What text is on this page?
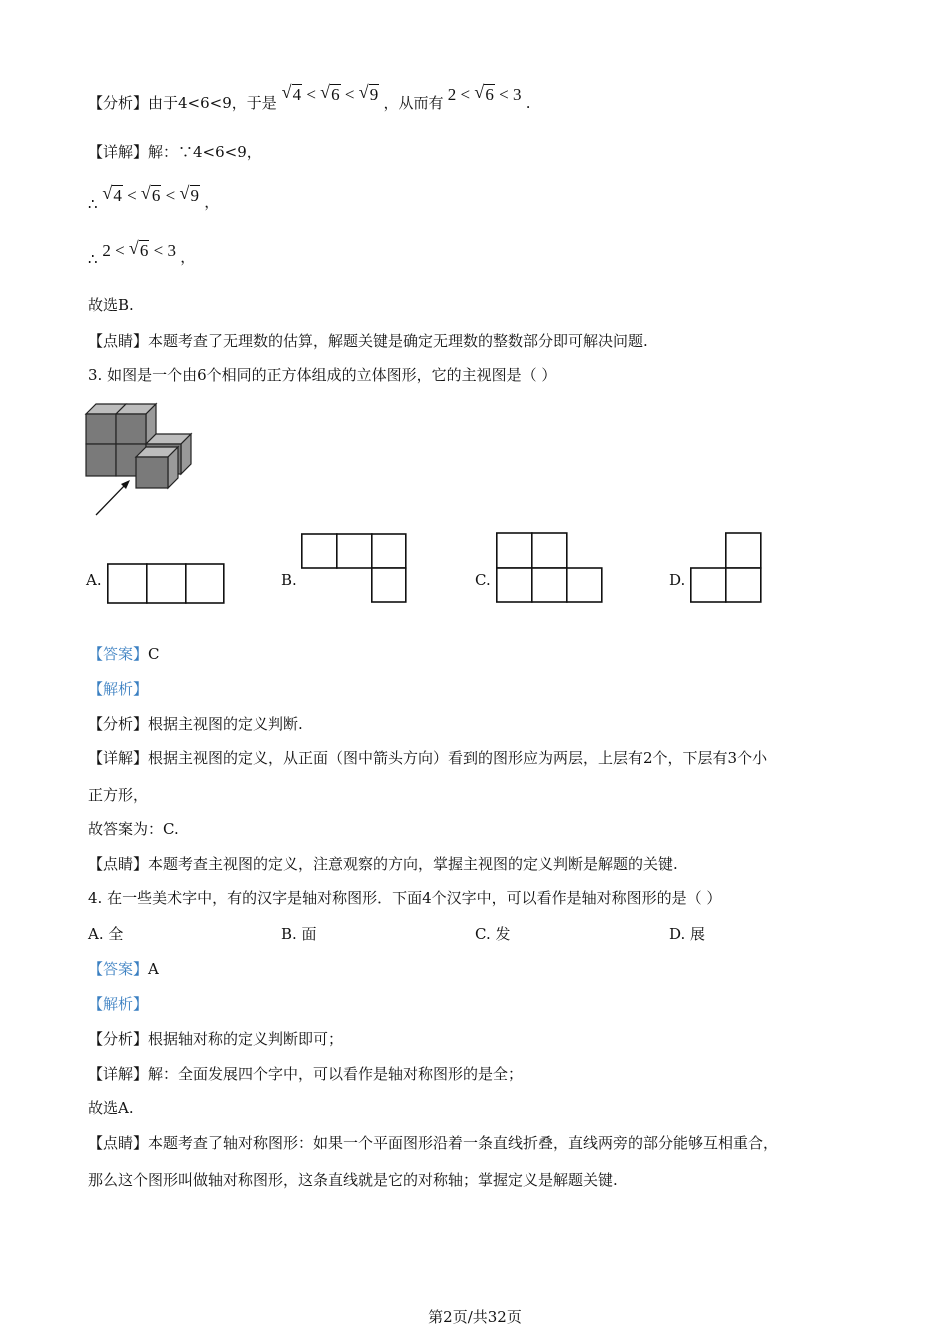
【分析】由于4<6<9，于是 √ 4 < √ 6 < √ 9 ，从而有 2 < √ 6 < 3 .
【详解】解：∵4<6<9，
∴ √ 4 < √ 6 < √ 9 ，
∴ 2 < √ 6 < 3 ，
故选B.
【点睛】本题考查了无理数的估算，解题关键是确定无理数的整数部分即可解决问题.
3. 如图是一个由6个相同的正方体组成的立体图形，它的主视图是（ ）
A.	B.	C.	D.
【答案】C
【解析】
【分析】根据主视图的定义判断.
【详解】根据主视图的定义，从正面（图中箭头方向）看到的图形应为两层，上层有2个，下层有3个小
正方形，
故答案为：C.
【点睛】本题考查主视图的定义，注意观察的方向，掌握主视图的定义判断是解题的关键.
4. 在一些美术字中，有的汉字是轴对称图形．下面4个汉字中，可以看作是轴对称图形的是（ ）
A. 全	B. 面	C. 发	D. 展
【答案】A
【解析】
【分析】根据轴对称的定义判断即可；
【详解】解：全面发展四个字中，可以看作是轴对称图形的是全；
故选A.
【点睛】本题考查了轴对称图形：如果一个平面图形沿着一条直线折叠，直线两旁的部分能够互相重合，
那么这个图形叫做轴对称图形，这条直线就是它的对称轴；掌握定义是解题关键.
第2页/共32页
